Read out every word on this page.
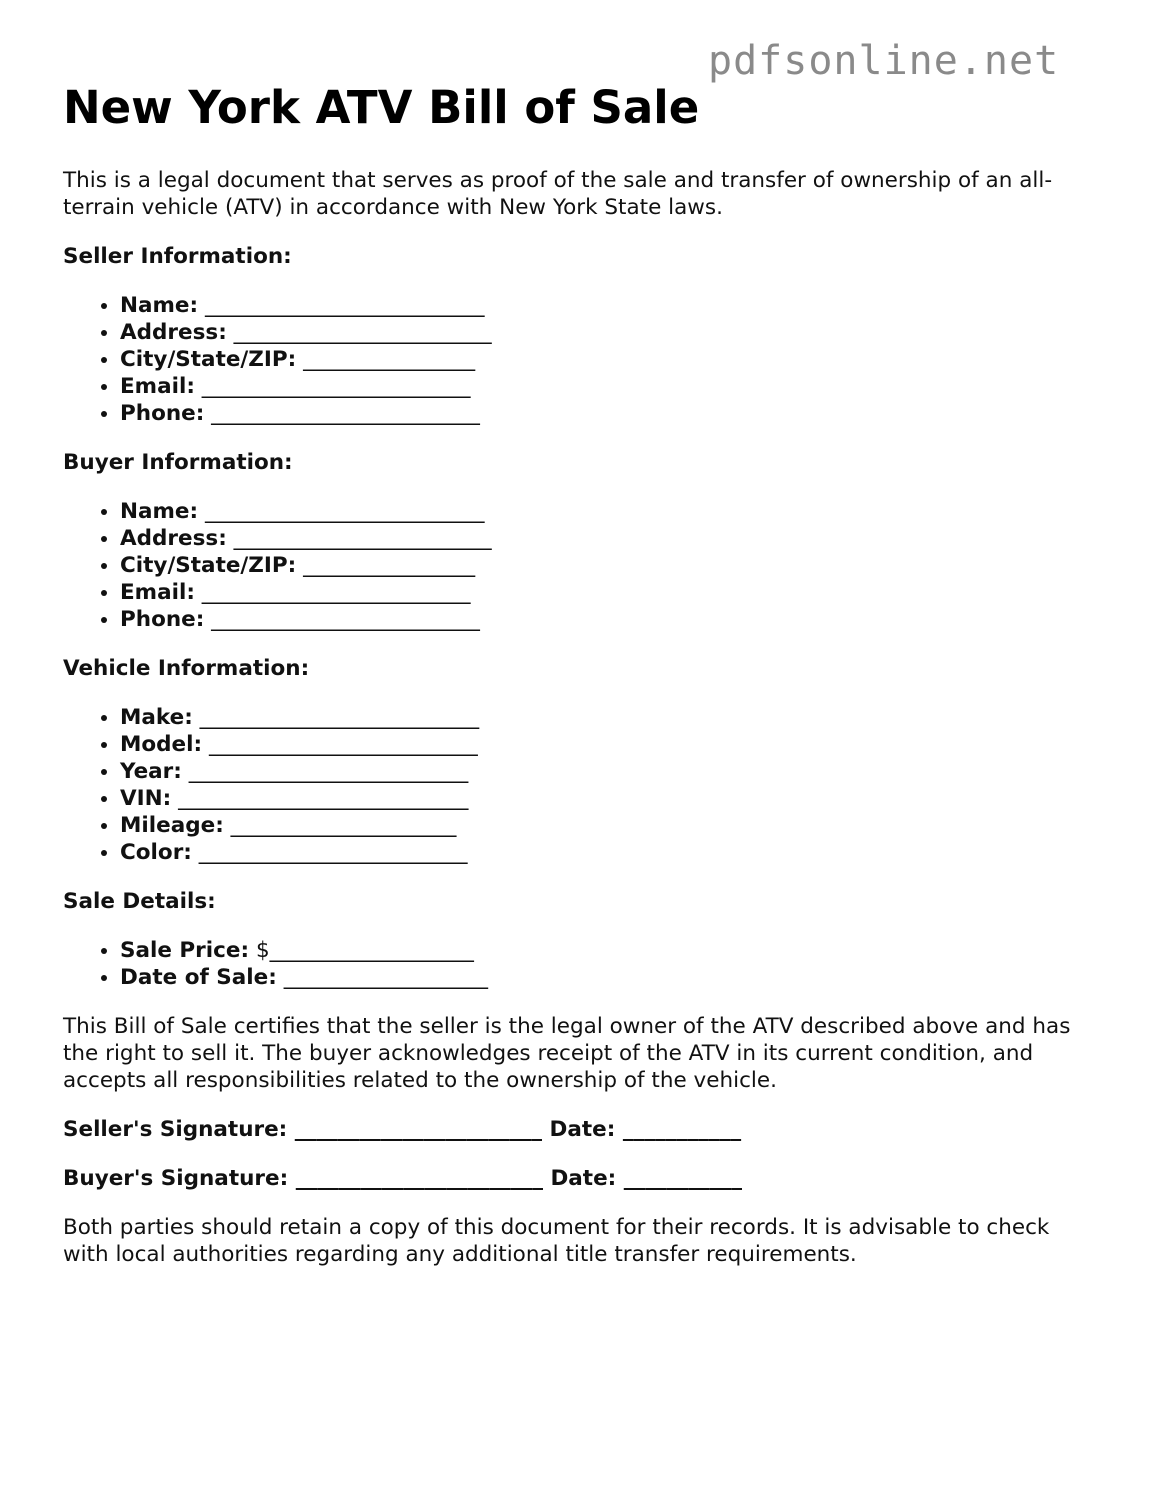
pdfsonline.net
New York ATV Bill of Sale

This is a legal document that serves as proof of the sale and transfer of ownership of an all-terrain vehicle (ATV) in accordance with New York State laws.

Seller Information:
• Name: __________________________
• Address: ________________________
• City/State/ZIP: ________________
• Email: _________________________
• Phone: _________________________
Buyer Information:
• Name: __________________________
• Address: ________________________
• City/State/ZIP: ________________
• Email: _________________________
• Phone: _________________________
Vehicle Information:
• Make: __________________________
• Model: _________________________
• Year: __________________________
• VIN: ___________________________
• Mileage: _____________________
• Color: _________________________
Sale Details:
• Sale Price: $___________________
• Date of Sale: ___________________

This Bill of Sale certifies that the seller is the legal owner of the ATV described above and has the right to sell it. The buyer acknowledges receipt of the ATV in its current condition, and accepts all responsibilities related to the ownership of the vehicle.

Seller's Signature: _______________________ Date: ___________
Buyer's Signature: _______________________ Date: ___________

Both parties should retain a copy of this document for their records. It is advisable to check with local authorities regarding any additional title transfer requirements.
